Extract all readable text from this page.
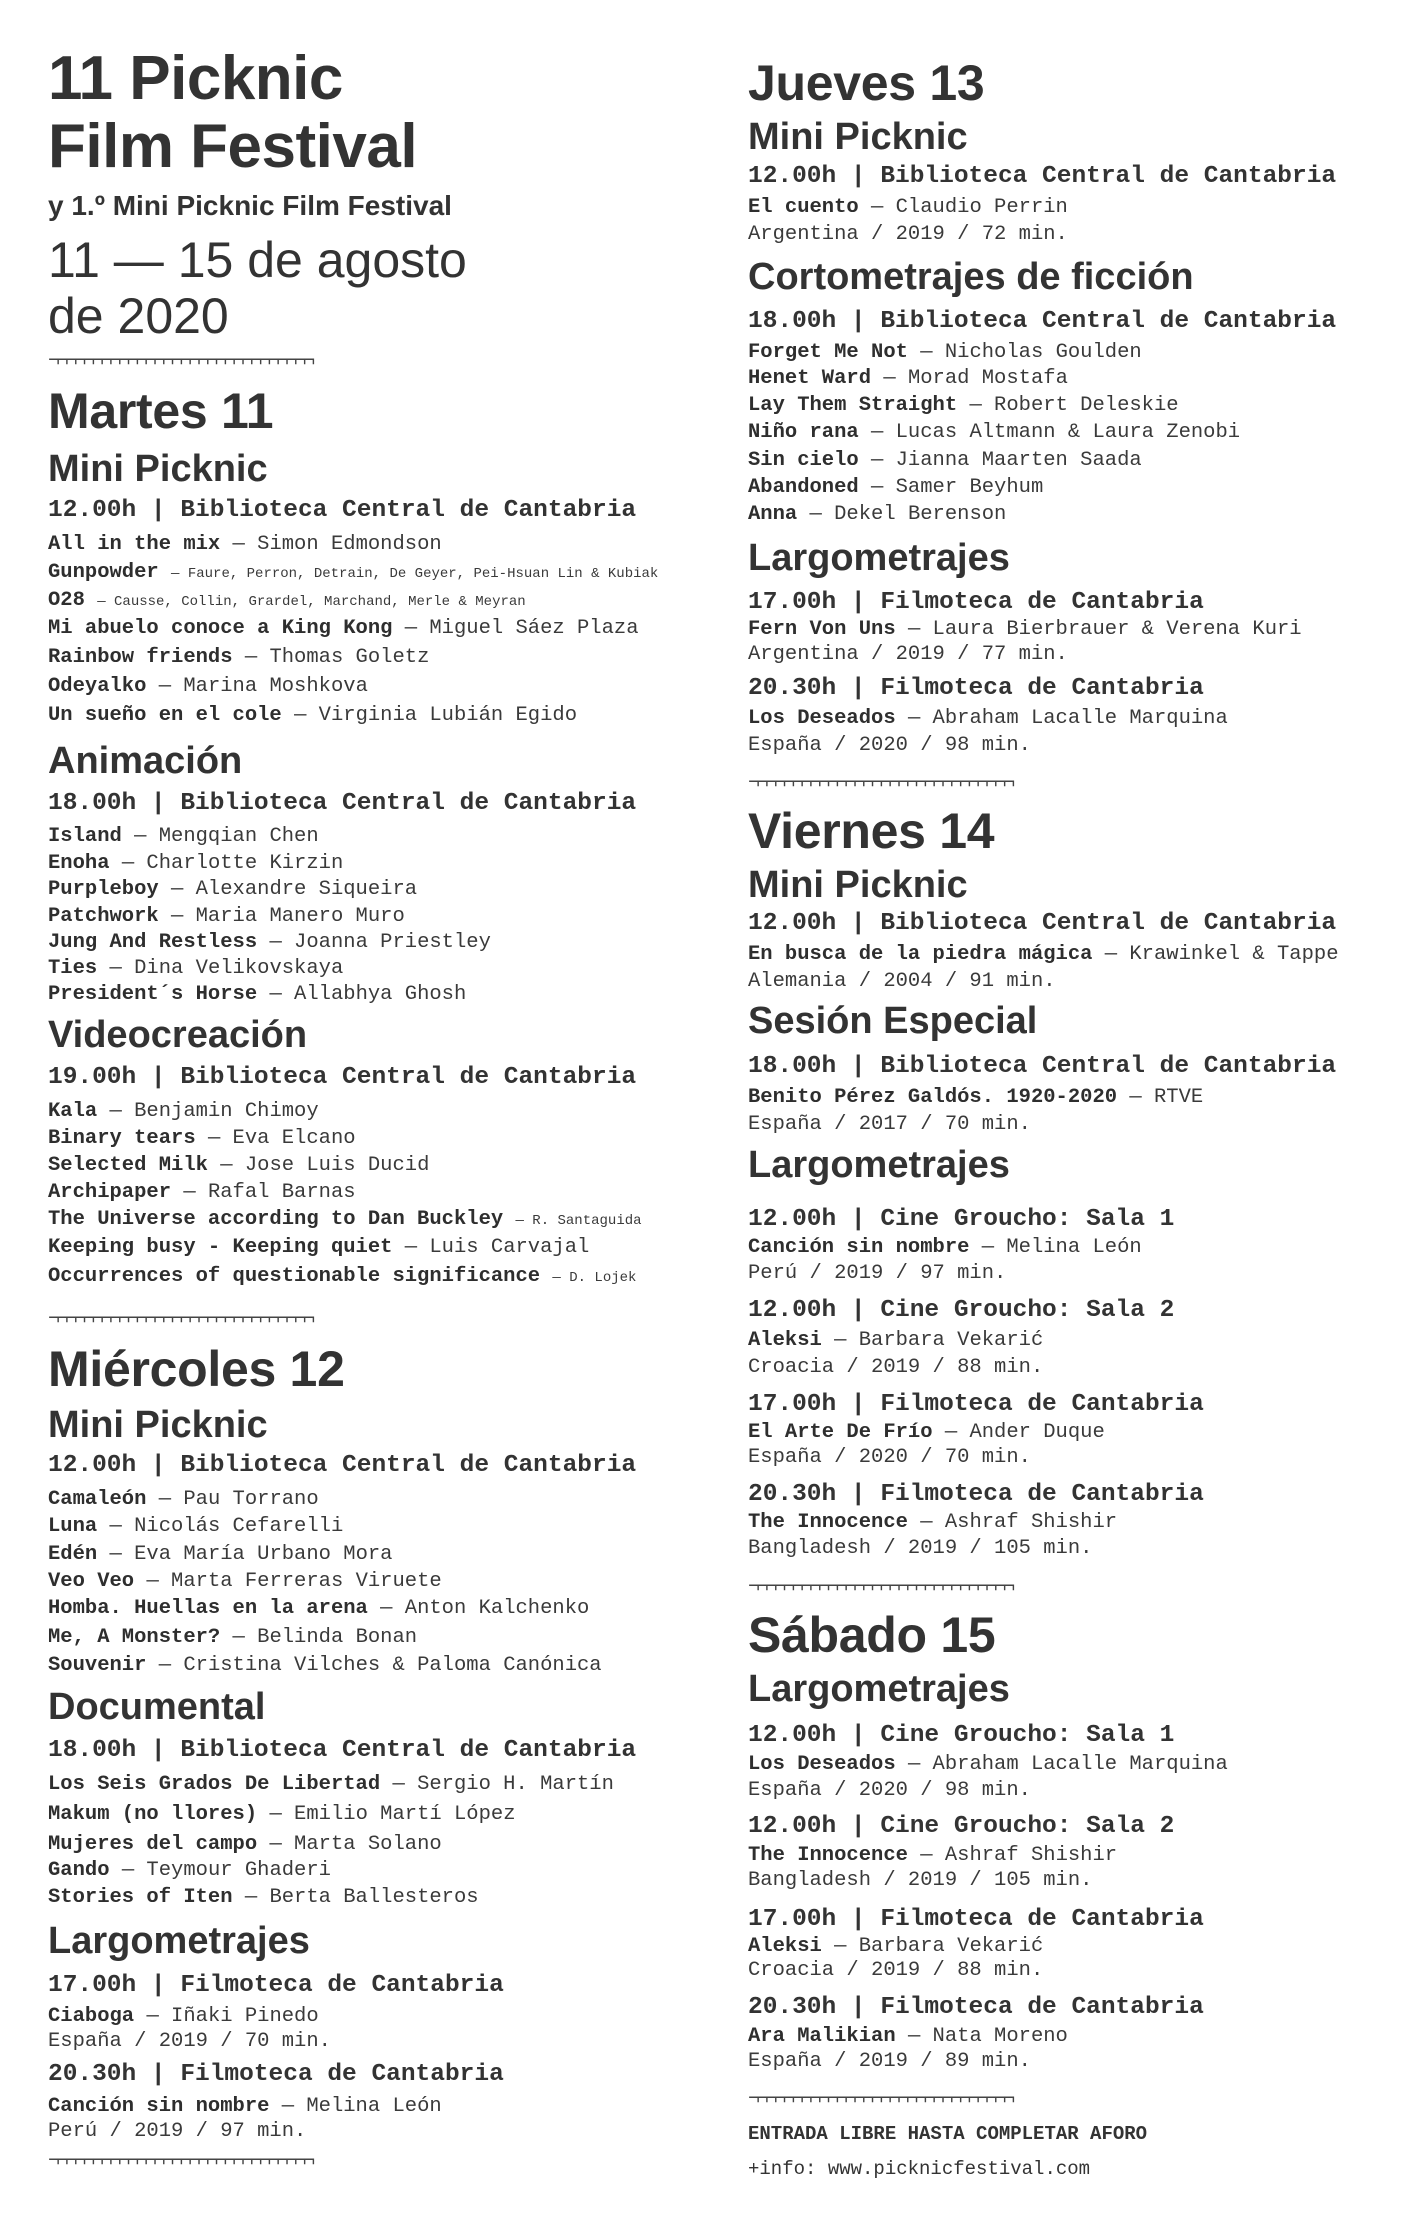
11 Picknic
Film Festival
y 1.º Mini Picknic Film Festival
11 — 15 de agosto
de 2020
¬¬¬¬¬¬¬¬¬¬¬¬¬¬¬¬¬¬¬¬¬¬¬¬¬¬¬¬¬¬
Martes 11
Mini Picknic
12.00h | Biblioteca Central de Cantabria
All in the mix — Simon Edmondson
Gunpowder — Faure, Perron, Detrain, De Geyer, Pei-Hsuan Lin & Kubiak
O28 — Causse, Collin, Grardel, Marchand, Merle & Meyran
Mi abuelo conoce a King Kong — Miguel Sáez Plaza
Rainbow friends — Thomas Goletz
Odeyalko — Marina Moshkova
Un sueño en el cole — Virginia Lubián Egido
Animación
18.00h | Biblioteca Central de Cantabria
Island — Mengqian Chen
Enoha — Charlotte Kirzin
Purpleboy — Alexandre Siqueira
Patchwork — Maria Manero Muro
Jung And Restless — Joanna Priestley
Ties — Dina Velikovskaya
President´s Horse — Allabhya Ghosh
Videocreación
19.00h | Biblioteca Central de Cantabria
Kala — Benjamin Chimoy
Binary tears — Eva Elcano
Selected Milk — Jose Luis Ducid
Archipaper — Rafal Barnas
The Universe according to Dan Buckley — R. Santaguida
Keeping busy - Keeping quiet — Luis Carvajal
Occurrences of questionable significance — D. Lojek
¬¬¬¬¬¬¬¬¬¬¬¬¬¬¬¬¬¬¬¬¬¬¬¬¬¬¬¬¬¬
Miércoles 12
Mini Picknic
12.00h | Biblioteca Central de Cantabria
Camaleón — Pau Torrano
Luna — Nicolás Cefarelli
Edén — Eva María Urbano Mora
Veo Veo — Marta Ferreras Viruete
Homba. Huellas en la arena — Anton Kalchenko
Me, A Monster? — Belinda Bonan
Souvenir — Cristina Vilches & Paloma Canónica
Documental
18.00h | Biblioteca Central de Cantabria
Los Seis Grados De Libertad — Sergio H. Martín
Makum (no llores) — Emilio Martí López
Mujeres del campo — Marta Solano
Gando — Teymour Ghaderi
Stories of Iten — Berta Ballesteros
Largometrajes
17.00h | Filmoteca de Cantabria
Ciaboga — Iñaki Pinedo
España / 2019 / 70 min.
20.30h | Filmoteca de Cantabria
Canción sin nombre — Melina León
Perú / 2019 / 97 min.
¬¬¬¬¬¬¬¬¬¬¬¬¬¬¬¬¬¬¬¬¬¬¬¬¬¬¬¬¬¬
Jueves 13
Mini Picknic
12.00h | Biblioteca Central de Cantabria
El cuento — Claudio Perrin
Argentina / 2019 / 72 min.
Cortometrajes de ficción
18.00h | Biblioteca Central de Cantabria
Forget Me Not — Nicholas Goulden
Henet Ward — Morad Mostafa
Lay Them Straight — Robert Deleskie
Niño rana — Lucas Altmann & Laura Zenobi
Sin cielo — Jianna Maarten Saada
Abandoned — Samer Beyhum
Anna — Dekel Berenson
Largometrajes
17.00h | Filmoteca de Cantabria
Fern Von Uns — Laura Bierbrauer & Verena Kuri
Argentina / 2019 / 77 min.
20.30h | Filmoteca de Cantabria
Los Deseados — Abraham Lacalle Marquina
España / 2020 / 98 min.
¬¬¬¬¬¬¬¬¬¬¬¬¬¬¬¬¬¬¬¬¬¬¬¬¬¬¬¬¬¬
Viernes 14
Mini Picknic
12.00h | Biblioteca Central de Cantabria
En busca de la piedra mágica — Krawinkel & Tappe
Alemania / 2004 / 91 min.
Sesión Especial
18.00h | Biblioteca Central de Cantabria
Benito Pérez Galdós. 1920-2020 — RTVE
España / 2017 / 70 min.
Largometrajes
12.00h | Cine Groucho: Sala 1
Canción sin nombre — Melina León
Perú / 2019 / 97 min.
12.00h | Cine Groucho: Sala 2
Aleksi — Barbara Vekarić
Croacia / 2019 / 88 min.
17.00h | Filmoteca de Cantabria
El Arte De Frío — Ander Duque
España / 2020 / 70 min.
20.30h | Filmoteca de Cantabria
The Innocence — Ashraf Shishir
Bangladesh / 2019 / 105 min.
¬¬¬¬¬¬¬¬¬¬¬¬¬¬¬¬¬¬¬¬¬¬¬¬¬¬¬¬¬¬
Sábado 15
Largometrajes
12.00h | Cine Groucho: Sala 1
Los Deseados — Abraham Lacalle Marquina
España / 2020 / 98 min.
12.00h | Cine Groucho: Sala 2
The Innocence — Ashraf Shishir
Bangladesh / 2019 / 105 min.
17.00h | Filmoteca de Cantabria
Aleksi — Barbara Vekarić
Croacia / 2019 / 88 min.
20.30h | Filmoteca de Cantabria
Ara Malikian — Nata Moreno
España / 2019 / 89 min.
¬¬¬¬¬¬¬¬¬¬¬¬¬¬¬¬¬¬¬¬¬¬¬¬¬¬¬¬¬¬
ENTRADA LIBRE HASTA COMPLETAR AFORO
+info: www.picknicfestival.com
